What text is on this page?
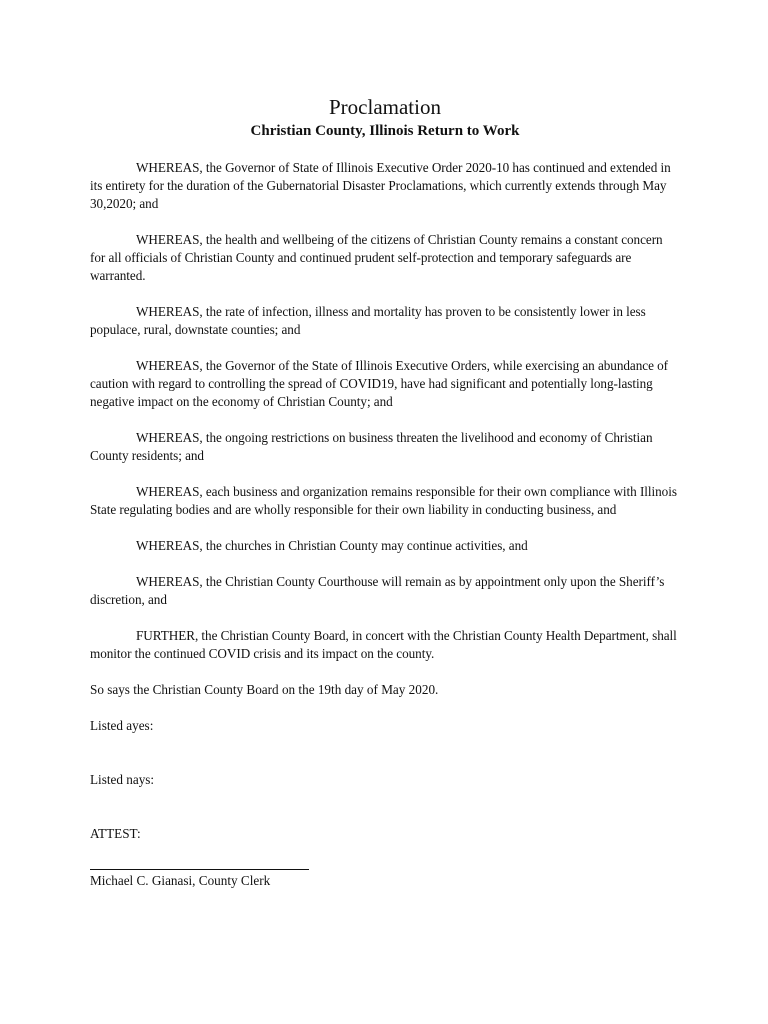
Proclamation
Christian County, Illinois Return to Work

WHEREAS, the Governor of State of Illinois Executive Order 2020-10 has continued and extended in its entirety for the duration of the Gubernatorial Disaster Proclamations, which currently extends through May 30,2020; and

WHEREAS, the health and wellbeing of the citizens of Christian County remains a constant concern for all officials of Christian County and continued prudent self-protection and temporary safeguards are warranted.

WHEREAS, the rate of infection, illness and mortality has proven to be consistently lower in less populace, rural, downstate counties; and

WHEREAS, the Governor of the State of Illinois Executive Orders, while exercising an abundance of caution with regard to controlling the spread of COVID19, have had significant and potentially long-lasting negative impact on the economy of Christian County; and

WHEREAS, the ongoing restrictions on business threaten the livelihood and economy of Christian County residents; and

WHEREAS, each business and organization remains responsible for their own compliance with Illinois State regulating bodies and are wholly responsible for their own liability in conducting business, and

WHEREAS, the churches in Christian County may continue activities, and

WHEREAS, the Christian County Courthouse will remain as by appointment only upon the Sheriff’s discretion, and

FURTHER, the Christian County Board, in concert with the Christian County Health Department, shall monitor the continued COVID crisis and its impact on the county.

So says the Christian County Board on the 19th day of May 2020.

Listed ayes:

Listed nays:

ATTEST:

Michael C. Gianasi, County Clerk
